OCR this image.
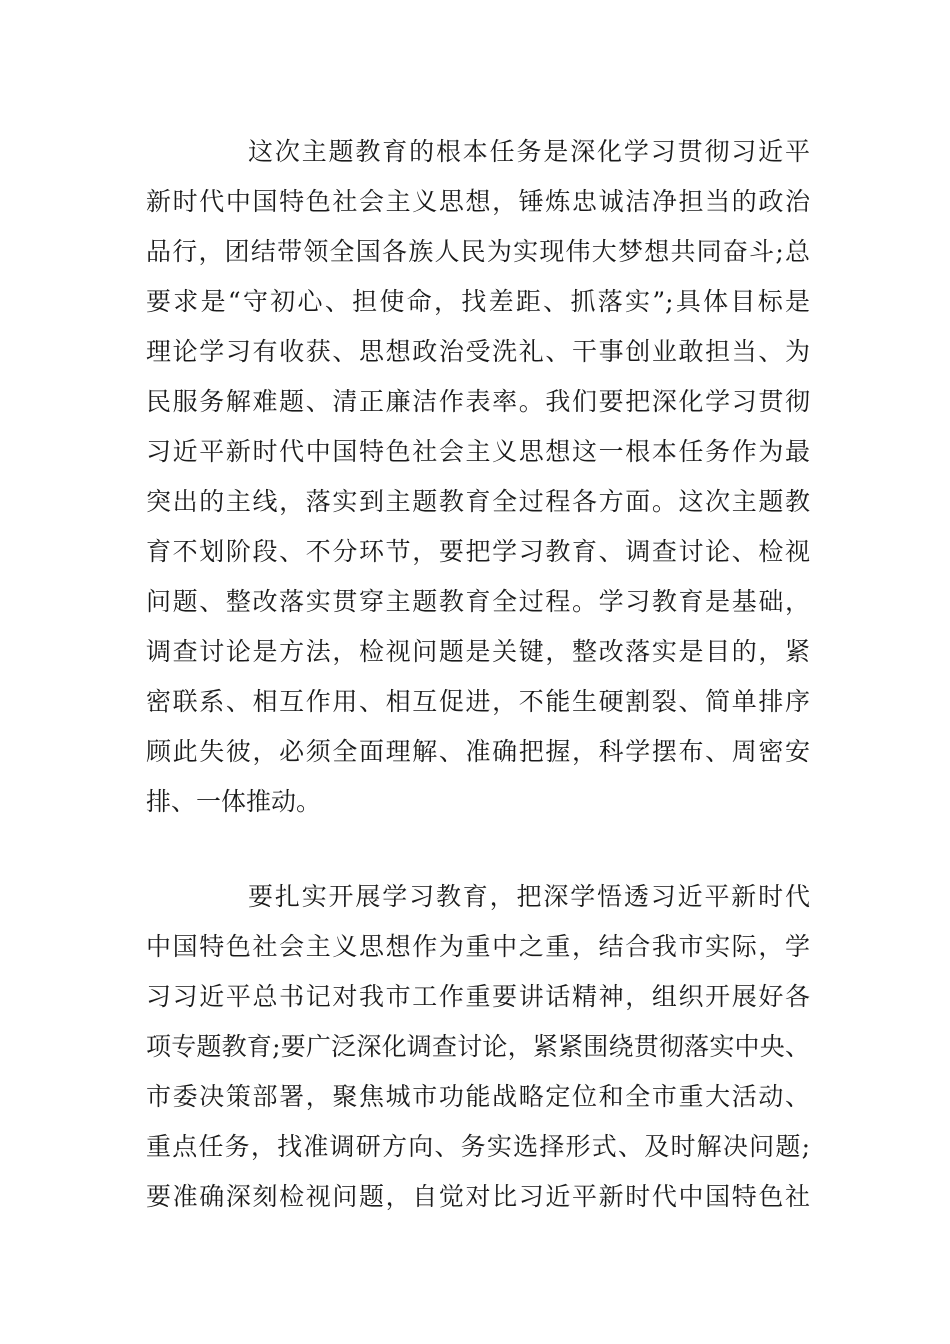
这次主题教育的根本任务是深化学习贯彻习近平
新时代中国特色社会主义思想，锤炼忠诚洁净担当的政治
品行，团结带领全国各族人民为实现伟大梦想共同奋斗;总
要求是“守初心、担使命，找差距、抓落实”;具体目标是
理论学习有收获、思想政治受洗礼、干事创业敢担当、为
民服务解难题、清正廉洁作表率。我们要把深化学习贯彻
习近平新时代中国特色社会主义思想这一根本任务作为最
突出的主线，落实到主题教育全过程各方面。这次主题教
育不划阶段、不分环节，要把学习教育、调查讨论、检视
问题、整改落实贯穿主题教育全过程。学习教育是基础，
调查讨论是方法，检视问题是关键，整改落实是目的，紧
密联系、相互作用、相互促进，不能生硬割裂、简单排序
顾此失彼，必须全面理解、准确把握，科学摆布、周密安
排、一体推动。
要扎实开展学习教育，把深学悟透习近平新时代
中国特色社会主义思想作为重中之重，结合我市实际，学
习习近平总书记对我市工作重要讲话精神，组织开展好各
项专题教育;要广泛深化调查讨论，紧紧围绕贯彻落实中央、
市委决策部署，聚焦城市功能战略定位和全市重大活动、
重点任务，找准调研方向、务实选择形式、及时解决问题;
要准确深刻检视问题，自觉对比习近平新时代中国特色社
